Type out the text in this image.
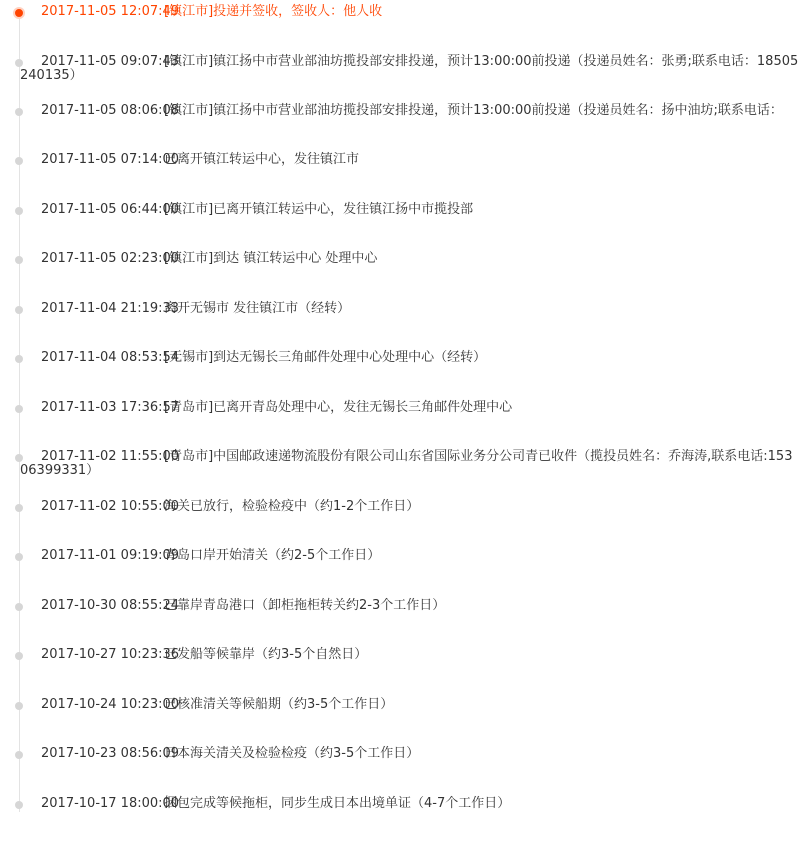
2017-11-05 12:07:49[镇江市]投递并签收，签收人：他人收
2017-11-05 09:07:43[镇江市]镇江扬中市营业部油坊揽投部安排投递，预计13:00:00前投递（投递员姓名：张勇;联系电话：18505240135）
2017-11-05 08:06:08[镇江市]镇江扬中市营业部油坊揽投部安排投递，预计13:00:00前投递（投递员姓名：扬中油坊;联系电话：
2017-11-05 07:14:00已离开镇江转运中心，发往镇江市
2017-11-05 06:44:00[镇江市]已离开镇江转运中心，发往镇江扬中市揽投部
2017-11-05 02:23:00[镇江市]到达 镇江转运中心 处理中心
2017-11-04 21:19:33离开无锡市 发往镇江市（经转）
2017-11-04 08:53:54[无锡市]到达无锡长三角邮件处理中心处理中心（经转）
2017-11-03 17:36:57[青岛市]已离开青岛处理中心，发往无锡长三角邮件处理中心
2017-11-02 11:55:00[青岛市]中国邮政速递物流股份有限公司山东省国际业务分公司青已收件（揽投员姓名：乔海涛,联系电话:15306399331）
2017-11-02 10:55:00海关已放行，检验检疫中（约1-2个工作日）
2017-11-01 09:19:09青岛口岸开始清关（约2-5个工作日）
2017-10-30 08:55:24已靠岸青岛港口（卸柜拖柜转关约2-3个工作日）
2017-10-27 10:23:36已发船等候靠岸（约3-5个自然日）
2017-10-24 10:23:00已核准清关等候船期（约3-5个工作日）
2017-10-23 08:56:09日本海关清关及检验检疫（约3-5个工作日）
2017-10-17 18:00:00捆包完成等候拖柜，同步生成日本出境单证（4-7个工作日）
